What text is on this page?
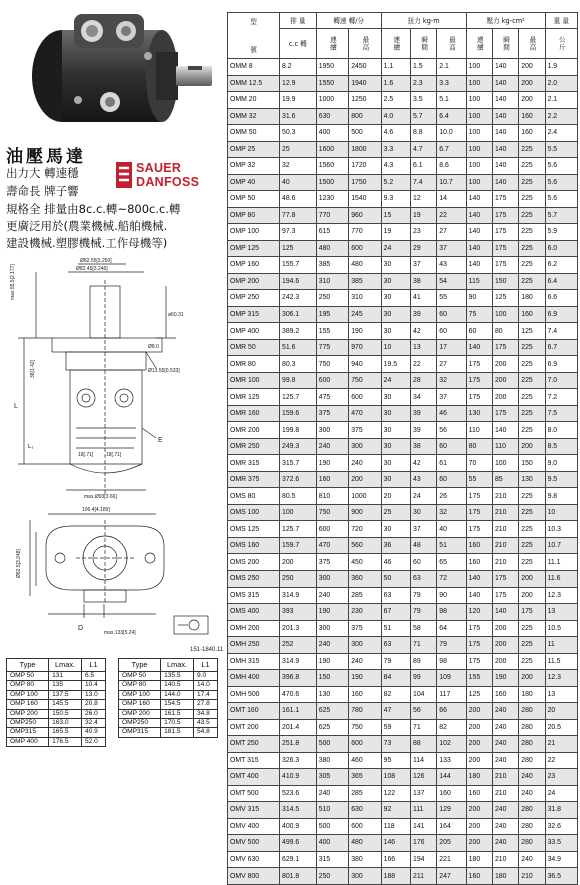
油壓馬達
SAUER
DANFOSS
出力大 轉速穩
壽命長 牌子響
規格全 排量由8c.c.轉~800c.c.轉
更廣泛用於(農業機械.船舶機械.
建設機械.塑膠機械.工作母機等)
Ø82.55[3.250]
Ø82.45[3.246]
ø60.31
Ø8.0
Ø13.55[0.533]
max.55.5[2.177]
38[1.42]
18[.71]	18[.71]
max.Ø93[3.66]
E
L
L₁
106.4[4.189]
Ø82.5[3.248]
max.133[5.24]
D
151-1840.11
Type	Lmax.	L1
OMP 50	131	6.5
OMP 80	135	10.4
OMP 100	137.5	13.0
OMP 160	145.5	20.8
OMP 200	150.5	26.0
OMP250	163.0	32.4
OMP315	165.5	40.9
OMP 400	176.5	52.0
Type	Lmax.	L1
OMP 50	135.5	9.0
OMP 80	140.5	14.0
OMP 100	144.0	17.4
OMP 160	154.5	27.8
OMP 200	161.5	34.8
OMP250	170.5	43.5
OMP315	181.5	54.8
型
號	排 量	轉速 轉/分		扭力 kg-m			壓力 kg-cm²			重 量
	c.c 轉	連續	最高	連續	瞬間	最高	連續	瞬間	最高	公斤

OMM 8	8.2	1950	2450	1.1	1.5	2.1	100	140	200	1.9
OMM 12.5	12.9	1550	1940	1.6	2.3	3.3	100	140	200	2.0
OMM 20	19.9	1000	1250	2.5	3.5	5.1	100	140	200	2.1
OMM 32	31.6	630	800	4.0	5.7	6.4	100	140	160	2.2
OMM 50	50.3	400	500	4.6	8.8	10.0	100	140	160	2.4
OMP 25	25	1600	1800	3.3	4.7	6.7	100	140	225	5.5
OMP 32	32	1560	1720	4.3	6.1	8.6	100	140	225	5.6
OMP 40	40	1500	1750	5.2	7.4	10.7	100	140	225	5.6
OMP 50	48.6	1230	1540	9.3	12	14	140	175	225	5.6
OMP 80	77.8	770	960	15	19	22	140	175	225	5.7
OMP 100	97.3	615	770	19	23	27	140	175	225	5.9
OMP 125	125	480	600	24	29	37	140	175	225	6.0
OMP 160	155.7	385	480	30	37	43	140	175	225	6.2
OMP 200	194.6	310	385	30	38	54	115	150	225	6.4
OMP 250	242.3	250	310	30	41	55	90	125	180	6.6
OMP 315	306.1	195	245	30	39	60	75	100	160	6.9
OMP 400	389.2	155	190	30	42	60	60	80	125	7.4
OMR 50	51.6	775	970	10	13	17	140	175	225	6.7
OMR 80	80.3	750	940	19.5	22	27	175	200	225	6.9
OMR 100	99.8	600	750	24	28	32	175	200	225	7.0
OMR 125	125.7	475	600	30	34	37	175	200	225	7.2
OMR 160	159.6	375	470	30	39	46	130	175	225	7.5
OMR 200	199.8	300	375	30	39	56	110	140	225	8.0
OMR 250	249.3	240	300	30	38	60	80	110	200	8.5
OMR 315	315.7	190	240	30	42	61	70	100	150	9.0
OMR 375	372.6	160	200	30	43	60	55	85	130	9.5
OMS 80	80.5	810	1000	20	24	26	175	210	225	9.8
OMS 100	100	750	900	25	30	32	175	210	225	10
OMS 125	125.7	600	720	30	37	40	175	210	225	10.3
OMS 160	159.7	470	560	36	48	51	160	210	225	10.7
OMS 200	200	375	450	46	60	65	160	210	225	11.1
OMS 250	250	300	360	50	63	72	140	175	200	11.6
OMS 315	314.9	240	285	63	79	90	140	175	200	12.3
OMS 400	393	190	230	67	79	98	120	140	175	13
OMH 200	201.3	300	375	51	58	64	175	200	225	10.5
OMH 250	252	240	300	63	71	79	175	200	225	11
OMH 315	314.9	190	240	79	89	98	175	200	225	11.5
OMH 400	396.8	150	190	84	99	109	155	190	200	12.3
OMH 500	470.6	130	160	82	104	117	125	160	180	13
OMT 160	161.1	625	780	47	56	66	200	240	280	20
OMT 200	201.4	625	750	59	71	82	200	240	280	20.5
OMT 250	251.8	500	600	73	88	102	200	240	280	21
OMT 315	326.3	380	460	95	114	133	200	240	280	22
OMT 400	410.9	305	365	108	126	144	180	210	240	23
OMT 500	523.6	240	285	122	137	160	160	210	240	24
OMV 315	314.5	510	630	92	111	129	200	240	280	31.8
OMV 400	400.9	500	600	118	141	164	200	240	280	32.6
OMV 500	499.6	400	480	146	176	205	200	240	280	33.5
OMV 630	629.1	315	380	166	194	221	180	210	240	34.9
OMV 800	801.8	250	300	188	211	247	160	180	210	36.5
